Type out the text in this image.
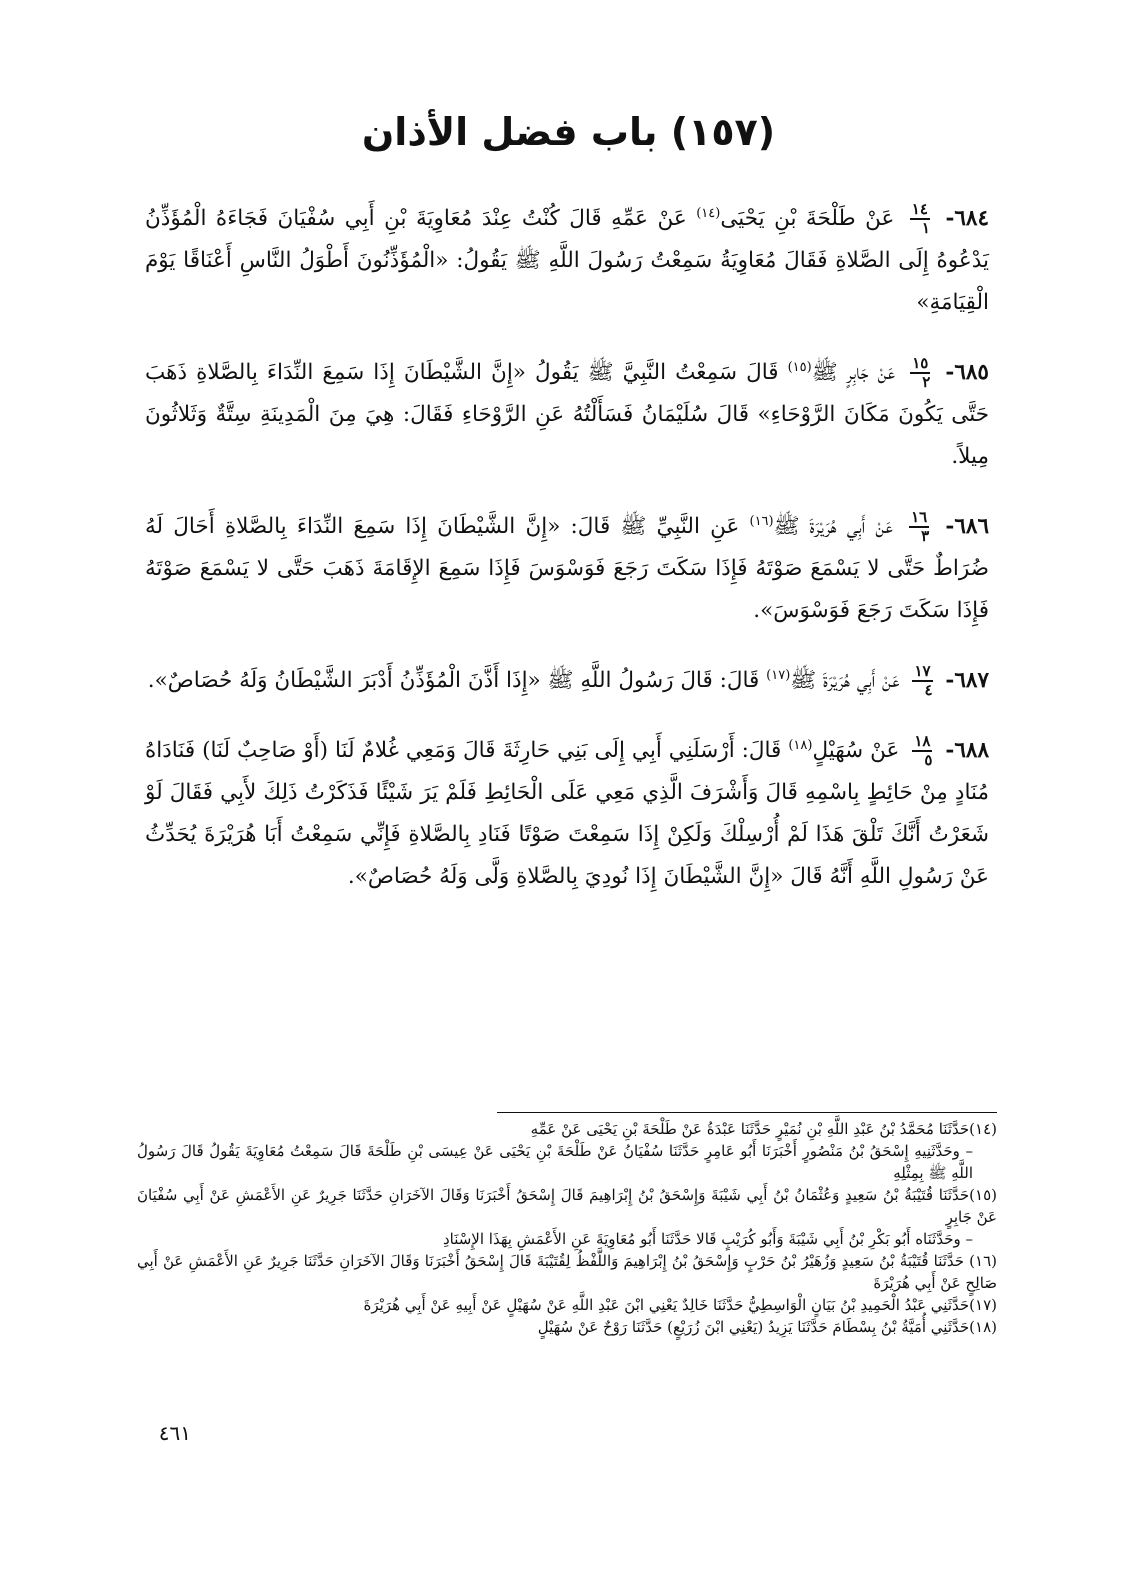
(١٥٧) باب فضل الأذان

٦٨٤-
$\frac{١٤}{١}$
عَنْ طَلْحَةَ بْنِ يَحْيَى$^{(١٤)}$ عَنْ عَمِّهِ قَالَ كُنْتُ عِنْدَ مُعَاوِيَةَ بْنِ أَبِي سُفْيَانَ فَجَاءَهُ الْمُؤَذِّنُ يَدْعُوهُ إِلَى الصَّلاةِ فَقَالَ مُعَاوِيَةُ سَمِعْتُ رَسُولَ اللَّهِ ﷺ يَقُولُ: «الْمُؤَذِّنُونَ أَطْوَلُ النَّاسِ أَعْنَاقًا يَوْمَ الْقِيَامَةِ»

٦٨٥-
$\frac{١٥}{٢}$
عَنْ جَابِرٍ ﷺ$^{(١٥)}$ قَالَ سَمِعْتُ النَّبِيَّ ﷺ يَقُولُ «إِنَّ الشَّيْطَانَ إِذَا سَمِعَ النِّدَاءَ بِالصَّلاةِ ذَهَبَ حَتَّى يَكُونَ مَكَانَ الرَّوْحَاءِ» قَالَ سُلَيْمَانُ فَسَأَلْتُهُ عَنِ الرَّوْحَاءِ فَقَالَ: هِيَ مِنَ الْمَدِينَةِ سِتَّةٌ وَثَلاثُونَ مِيلاً.

٦٨٦-
$\frac{١٦}{٣}$
عَنْ أَبِي هُرَيْرَةَ ﷺ$^{(١٦)}$ عَنِ النَّبِيِّ ﷺ قَالَ: «إِنَّ الشَّيْطَانَ إِذَا سَمِعَ النِّدَاءَ بِالصَّلاةِ أَحَالَ لَهُ ضُرَاطٌ حَتَّى لا يَسْمَعَ صَوْتَهُ فَإِذَا سَكَتَ رَجَعَ فَوَسْوَسَ فَإِذَا سَمِعَ الإِقَامَةَ ذَهَبَ حَتَّى لا يَسْمَعَ صَوْتَهُ فَإِذَا سَكَتَ رَجَعَ فَوَسْوَسَ».

٦٨٧-
$\frac{١٧}{٤}$
عَنْ أَبِي هُرَيْرَةَ ﷺ$^{(١٧)}$ قَالَ: قَالَ رَسُولُ اللَّهِ ﷺ «إِذَا أَذَّنَ الْمُؤَذِّنُ أَدْبَرَ الشَّيْطَانُ وَلَهُ حُصَاصٌ».

٦٨٨-
$\frac{١٨}{٥}$
عَنْ سُهَيْلٍ$^{(١٨)}$ قَالَ: أَرْسَلَنِي أَبِي إِلَى بَنِي حَارِثَةَ قَالَ وَمَعِي غُلامٌ لَنَا (أَوْ صَاحِبٌ لَنَا) فَنَادَاهُ مُنَادٍ مِنْ حَائِطٍ بِاسْمِهِ قَالَ وَأَشْرَفَ الَّذِي مَعِي عَلَى الْحَائِطِ فَلَمْ يَرَ شَيْئًا فَذَكَرْتُ ذَلِكَ لأَبِي فَقَالَ لَوْ شَعَرْتُ أَنَّكَ تَلْقَ هَذَا لَمْ أُرْسِلْكَ وَلَكِنْ إِذَا سَمِعْتَ صَوْتًا فَنَادِ بِالصَّلاةِ فَإِنِّي سَمِعْتُ أَبَا هُرَيْرَةَ يُحَدِّثُ عَنْ رَسُولِ اللَّهِ أَنَّهُ قَالَ «إِنَّ الشَّيْطَانَ إِذَا نُودِيَ بِالصَّلاةِ وَلَّى وَلَهُ حُصَاصٌ».

(١٤)حَدَّثَنَا مُحَمَّدُ بْنُ عَبْدِ اللَّهِ بْنِ نُمَيْرٍ حَدَّثَنَا عَبْدَةُ عَنْ طَلْحَةَ بْنِ يَحْيَى عَنْ عَمِّهِ

– وحَدَّثَنِيهِ إِسْحَقُ بْنُ مَنْصُورٍ أَخْبَرَنَا أَبُو عَامِرٍ حَدَّثَنَا سُفْيَانُ عَنْ طَلْحَةَ بْنِ يَحْيَى عَنْ عِيسَى بْنِ طَلْحَةَ قَالَ سَمِعْتُ مُعَاوِيَةَ يَقُولُ قَالَ رَسُولُ اللَّهِ ﷺ بِمِثْلِهِ

(١٥)حَدَّثَنَا قُتَيْبَةُ بْنُ سَعِيدٍ وَعُثْمَانُ بْنُ أَبِي شَيْبَةَ وَإِسْحَقُ بْنُ إِبْرَاهِيمَ قَالَ إِسْحَقُ أَخْبَرَنَا وَقَالَ الآخَرَانِ حَدَّثَنَا جَرِيرٌ عَنِ الأَعْمَشِ عَنْ أَبِي سُفْيَانَ عَنْ جَابِرٍ

– وحَدَّثَنَاه أَبُو بَكْرِ بْنُ أَبِي شَيْبَةَ وَأَبُو كُرَيْبٍ قَالا حَدَّثَنَا أَبُو مُعَاوِيَةَ عَنِ الأَعْمَشِ بِهَذَا الإِسْنَادِ

(١٦) حَدَّثَنَا قُتَيْبَةُ بْنُ سَعِيدٍ وَزُهَيْرُ بْنُ حَرْبٍ وَإِسْحَقُ بْنُ إِبْرَاهِيمَ وَاللَّفْظُ لِقُتَيْبَةَ قَالَ إِسْحَقُ أَخْبَرَنَا وَقَالَ الآخَرَانِ حَدَّثَنَا جَرِيرٌ عَنِ الأَعْمَشِ عَنْ أَبِي صَالِحٍ عَنْ أَبِي هُرَيْرَةَ

(١٧)حَدَّثَنِي عَبْدُ الْحَمِيدِ بْنُ بَيَانٍ الْوَاسِطِيُّ حَدَّثَنَا خَالِدٌ يَعْنِي ابْنَ عَبْدِ اللَّهِ عَنْ سُهَيْلٍ عَنْ أَبِيهِ عَنْ أَبِي هُرَيْرَةَ

(١٨)حَدَّثَنِي أُمَيَّةُ بْنُ بِسْطَامَ حَدَّثَنَا يَزِيدُ (يَعْنِي ابْنَ زُرَيْعٍ) حَدَّثَنَا رَوْحٌ عَنْ سُهَيْلٍ

٤٦١
